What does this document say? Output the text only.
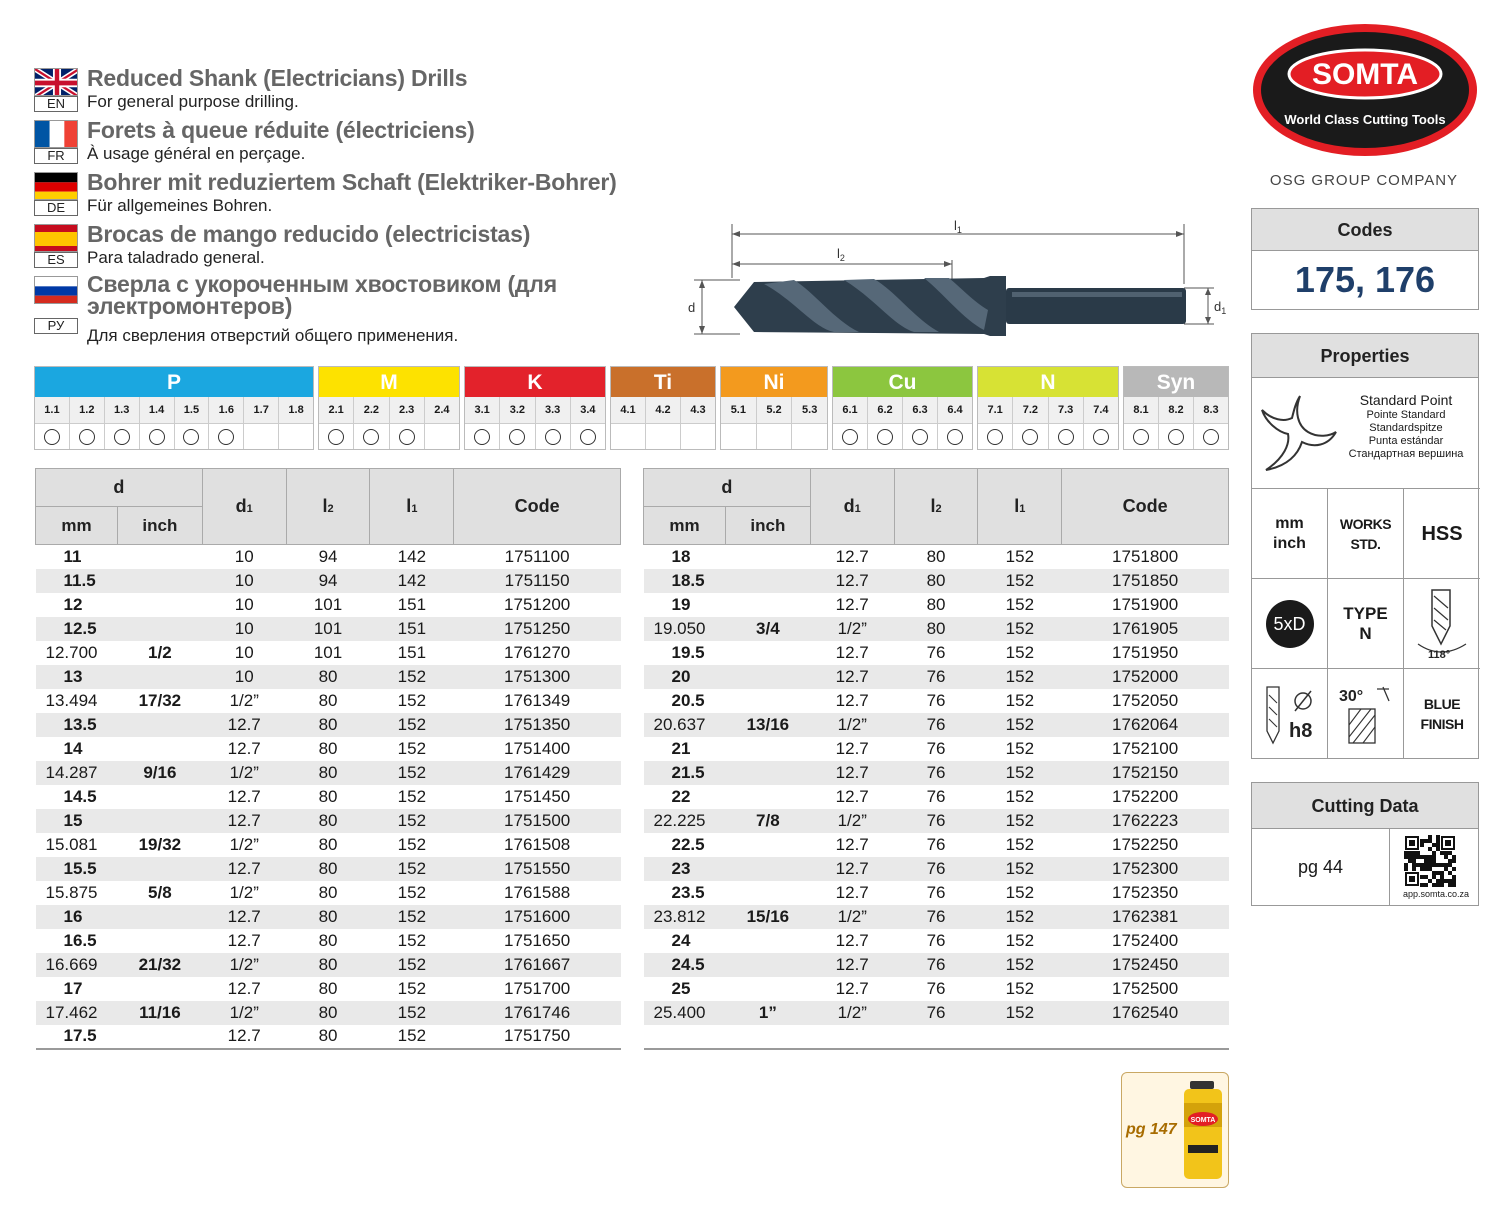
EN
Reduced Shank (Electricians) Drills
For general purpose drilling.
FR
Forets à queue réduite (électriciens)
À usage général en perçage.
DE
Bohrer mit reduziertem Schaft (Elektriker-Bohrer)
Für allgemeines Bohren.
ES
Brocas de mango reducido (electricistas)
Para taladrado general.
РУ
Сверла с укороченным хвостовиком (для электромонтеров)
Для сверления отверстий общего применения.
SOMTA
World Class Cutting Tools
OSG GROUP COMPANY
$l_1$
$l_2$
d	$d_1$
P
1.1	1.2	1.3	1.4	1.5	1.6	1.7	1.8
M
2.1	2.2	2.3	2.4
K
3.1	3.2	3.3	3.4
Ti
4.1	4.2	4.3
Ni
5.1	5.2	5.3
Cu
6.1	6.2	6.3	6.4
N
7.1	7.2	7.3	7.4
Syn
8.1	8.2	8.3
d		d1	l2	l1	Code
mm	inch				
11		10	94	142	1751100
11.5		10	94	142	1751150
12		10	101	151	1751200
12.5		10	101	151	1751250
12.700	1/2	10	101	151	1761270
13		10	80	152	1751300
13.494	17/32	1/2”	80	152	1761349
13.5		12.7	80	152	1751350
14		12.7	80	152	1751400
14.287	9/16	1/2”	80	152	1761429
14.5		12.7	80	152	1751450
15		12.7	80	152	1751500
15.081	19/32	1/2”	80	152	1761508
15.5		12.7	80	152	1751550
15.875	5/8	1/2”	80	152	1761588
16		12.7	80	152	1751600
16.5		12.7	80	152	1751650
16.669	21/32	1/2”	80	152	1761667
17		12.7	80	152	1751700
17.462	11/16	1/2”	80	152	1761746
17.5		12.7	80	152	1751750
d		d1	l2	l1	Code
mm	inch				
18		12.7	80	152	1751800
18.5		12.7	80	152	1751850
19		12.7	80	152	1751900
19.050	3/4	1/2”	80	152	1761905
19.5		12.7	76	152	1751950
20		12.7	76	152	1752000
20.5		12.7	76	152	1752050
20.637	13/16	1/2”	76	152	1762064
21		12.7	76	152	1752100
21.5		12.7	76	152	1752150
22		12.7	76	152	1752200
22.225	7/8	1/2”	76	152	1762223
22.5		12.7	76	152	1752250
23		12.7	76	152	1752300
23.5		12.7	76	152	1752350
23.812	15/16	1/2”	76	152	1762381
24		12.7	76	152	1752400
24.5		12.7	76	152	1752450
25		12.7	76	152	1752500
25.400	1”	1/2”	76	152	1762540

Codes
175, 176
Properties
Standard Point
Pointe Standard
Standardspitze
Punta estándar
Стандартная вершина
mm
inch
WORKS
STD.	HSS
5xD
TYPE
N
118°
h8
30°	BLUE
FINISH
Cutting Data
pg 44
app.somta.co.za
pg 147
SOMTA
